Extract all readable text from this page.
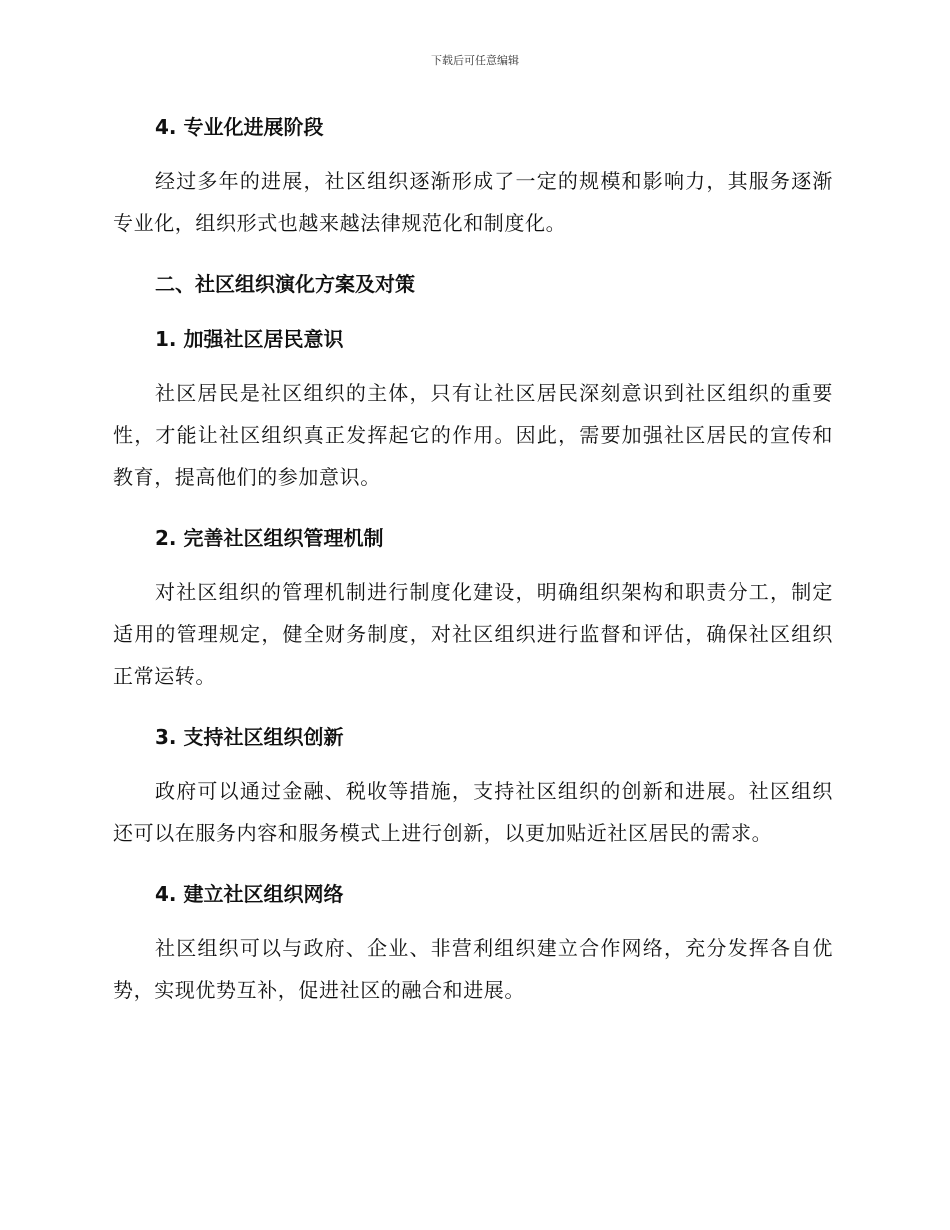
下载后可任意编辑
4. 专业化进展阶段

经过多年的进展，社区组织逐渐形成了一定的规模和影响力，其服务逐渐专业化，组织形式也越来越法律规范化和制度化。

二、社区组织演化方案及对策
1. 加强社区居民意识

社区居民是社区组织的主体，只有让社区居民深刻意识到社区组织的重要性，才能让社区组织真正发挥起它的作用。因此，需要加强社区居民的宣传和教育，提高他们的参加意识。

2. 完善社区组织管理机制

对社区组织的管理机制进行制度化建设，明确组织架构和职责分工，制定适用的管理规定，健全财务制度，对社区组织进行监督和评估，确保社区组织正常运转。

3. 支持社区组织创新

政府可以通过金融、税收等措施，支持社区组织的创新和进展。社区组织还可以在服务内容和服务模式上进行创新，以更加贴近社区居民的需求。

4. 建立社区组织网络

社区组织可以与政府、企业、非营利组织建立合作网络，充分发挥各自优势，实现优势互补，促进社区的融合和进展。
